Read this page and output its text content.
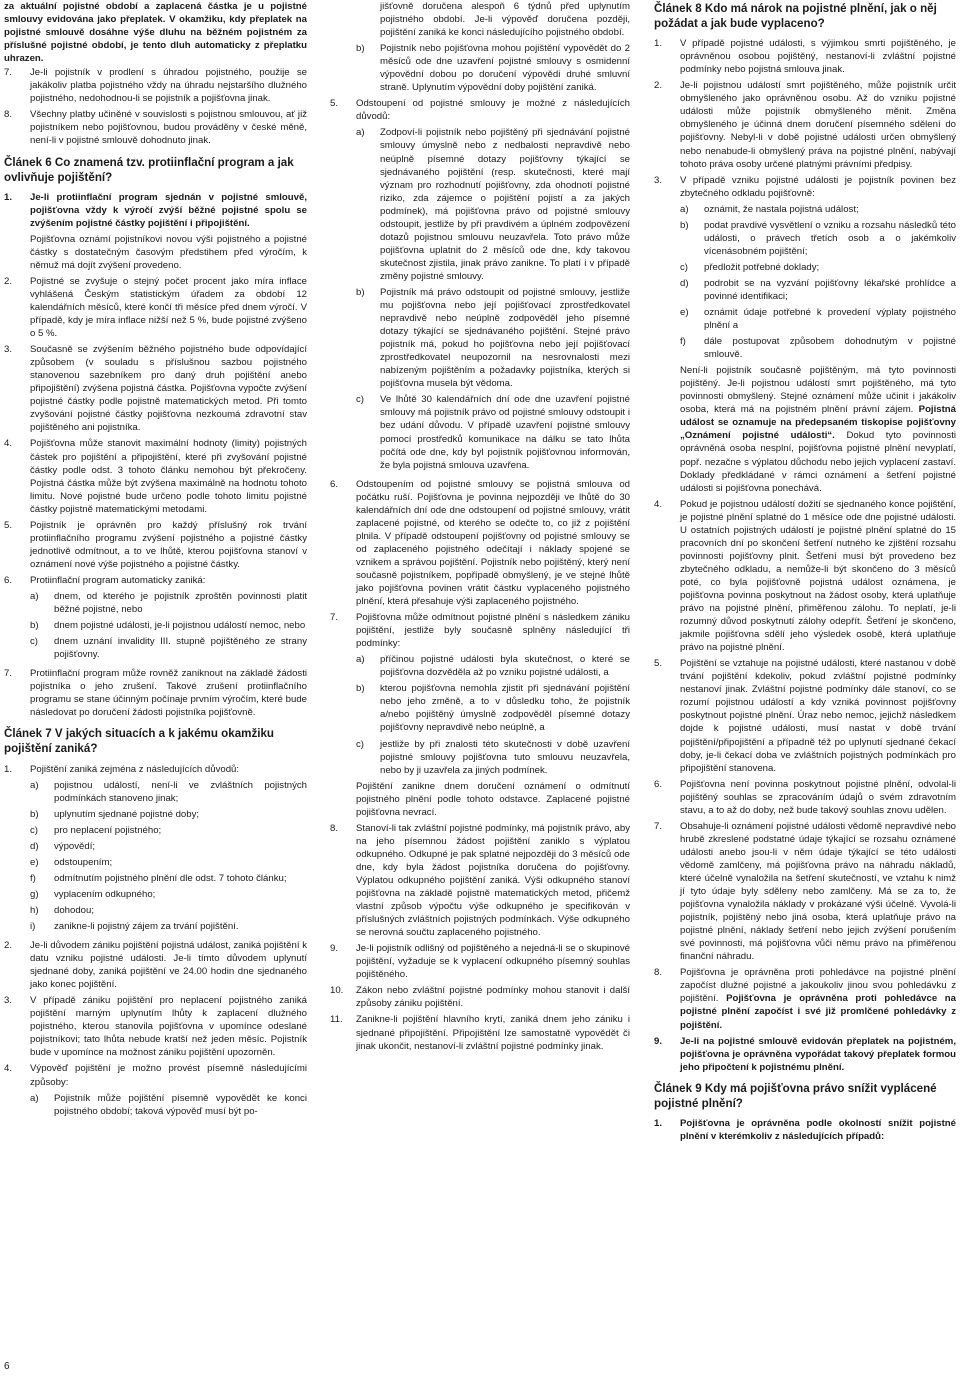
za aktuální pojistné období a zaplacená částka je u pojistné smlouvy evidována jako přeplatek. V okamžiku, kdy přeplatek na pojistné smlouvě dosáhne výše dluhu na běžném pojistném za příslušné pojistné období, je tento dluh automaticky z přeplatku uhrazen.

7.	Je-li pojistník v prodlení s úhradou pojistného, použije se jakákoliv platba pojistného vždy na úhradu nejstaršího dlužného pojistného, nedohodnou-li se pojistník a pojišťovna jinak.
8.	Všechny platby učiněné v souvislosti s pojistnou smlouvou, ať již pojistníkem nebo pojišťovnou, budou prováděny v české měně, není-li v pojistné smlouvě dohodnuto jinak.
Článek 6 Co znamená tzv. protiinflační program a jak ovlivňuje pojištění?
1.	Je-li protiinflační program sjednán v pojistné smlouvě, pojišťovna vždy k výročí zvýší běžné pojistné spolu se zvýšením pojistné částky pojištění i připojištění.

Pojišťovna oznámí pojistníkovi novou výši pojistného a pojistné částky s dostatečným časovým předstihem před výročím, k němuž má dojít zvýšení provedeno.

2.	Pojistné se zvyšuje o stejný počet procent jako míra inflace vyhlášená Českým statistickým úřadem za období 12 kalendářních měsíců, které končí tři měsíce před dnem výročí. V případě, kdy je míra inflace nižší než 5 %, bude pojistné zvýšeno o 5 %.
3.	Současně se zvýšením běžného pojistného bude odpovídající způsobem (v souladu s příslušnou sazbou pojistného stanovenou sazebníkem pro daný druh pojištění anebo připojištění) zvýšena pojistná částka. Pojišťovna vypočte zvýšení pojistné částky podle pojistně matematických metod. Při tomto zvyšování pojistné částky pojišťovna nezkoumá zdravotní stav pojištěného ani pojistníka.
4.	Pojišťovna může stanovit maximální hodnoty (limity) pojistných částek pro pojištění a připojištění, které při zvyšování pojistné částky podle odst. 3 tohoto článku nemohou být překročeny. Pojistná částka může být zvýšena maximálně na hodnotu tohoto limitu. Nové pojistné bude určeno podle tohoto limitu pojistné částky pojistně matematickými metodami.
5.	Pojistník je oprávněn pro každý příslušný rok trvání protiinflačního programu zvýšení pojistného a pojistné částky jednotlivě odmítnout, a to ve lhůtě, kterou pojišťovna stanoví v oznámení nové výše pojistného a pojistné částky.
6.	Protiinflační program automaticky zaniká:
a)	dnem, od kterého je pojistník zproštěn povinnosti platit běžné pojistné, nebo
b)	dnem pojistné události, je-li pojistnou událostí nemoc, nebo
c)	dnem uznání invalidity III. stupně pojištěného ze strany pojišťovny.
7.	Protiinflační program může rovněž zaniknout na základě žádosti pojistníka o jeho zrušení. Takové zrušení protiinflačního programu se stane účinným počínaje prvním výročím, které bude následovat po doručení žádosti pojistníka pojišťovně.
Článek 7 V jakých situacích a k jakému okamžiku pojištění zaniká?
1.	Pojištění zaniká zejména z následujících důvodů:
a)	pojistnou událostí, není-li ve zvláštních pojistných podmínkách stanoveno jinak;
b)	uplynutím sjednané pojistné doby;
c)	pro neplacení pojistného;
d)	výpovědí;
e)	odstoupením;
f)	odmítnutím pojistného plnění dle odst. 7 tohoto článku;
g)	vyplacením odkupného;
h)	dohodou;
i)	zanikne-li pojistný zájem za trvání pojištění.
2.	Je-li důvodem zániku pojištění pojistná událost, zaniká pojištění k datu vzniku pojistné události. Je-li tímto důvodem uplynutí sjednané doby, zaniká pojištění ve 24.00 hodin dne sjednaného jako konec pojištění.
3.	V případě zániku pojištění pro neplacení pojistného zaniká pojištění marným uplynutím lhůty k zaplacení dlužného pojistného, kterou stanovila pojišťovna v upomínce odeslané pojistníkovi; tato lhůta nebude kratší než jeden měsíc. Pojistník bude v upomínce na možnost zániku pojištění upozorněn.
4.	Výpověď pojištění je možno provést písemně následujícími způsoby:
a)	Pojistník může pojištění písemně vypovědět ke konci pojistného období; taková výpověď musí být po-
jišťovně doručena alespoň 6 týdnů před uplynutím pojistného období. Je-li výpověď doručena později, pojištění zaniká ke konci následujícího pojistného období.
b)	Pojistník nebo pojišťovna mohou pojištění vypovědět do 2 měsíců ode dne uzavření pojistné smlouvy s osmidenní výpovědní dobou po doručení výpovědi druhé smluvní straně. Uplynutím výpovědní doby pojištění zaniká.
5.	Odstoupení od pojistné smlouvy je možné z následujících důvodů:
a)	Zodpoví-li pojistník nebo pojištěný při sjednávání pojistné smlouvy úmyslně nebo z nedbalosti nepravdivě nebo neúplně písemné dotazy pojišťovny týkající se sjednávaného pojištění (resp. skutečnosti, které mají význam pro rozhodnutí pojišťovny, zda ohodnotí pojistné riziko, zda zájemce o pojištění pojistí a za jakých podmínek), má pojišťovna právo od pojistné smlouvy odstoupit, jestliže by při pravdivém a úplném zodpovězení dotazů pojistnou smlouvu neuzavřela. Toto právo může pojišťovna uplatnit do 2 měsíců ode dne, kdy takovou skutečnost zjistila, jinak právo zanikne. To platí i v případě změny pojistné smlouvy.
b)	Pojistník má právo odstoupit od pojistné smlouvy, jestliže mu pojišťovna nebo její pojišťovací zprostředkovatel nepravdivě nebo neúplně zodpověděl jeho písemné dotazy týkající se sjednávaného pojištění. Stejné právo pojistník má, pokud ho pojišťovna nebo její pojišťovací zprostředkovatel neupozornil na nesrovnalosti mezi nabízeným pojištěním a požadavky pojistníka, kterých si pojišťovna musela být vědoma.
c)	Ve lhůtě 30 kalendářních dní ode dne uzavření pojistné smlouvy má pojistník právo od pojistné smlouvy odstoupit i bez udání důvodu. V případě uzavření pojistné smlouvy pomocí prostředků komunikace na dálku se tato lhůta počítá ode dne, kdy byl pojistník pojišťovnou informován, že byla pojistná smlouva uzavřena.
6.	Odstoupením od pojistné smlouvy se pojistná smlouva od počátku ruší. Pojišťovna je povinna nejpozději ve lhůtě do 30 kalendářních dní ode dne odstoupení od pojistné smlouvy, vrátit zaplacené pojistné, od kterého se odečte to, co již z pojištění plnila. V případě odstoupení pojišťovny od pojistné smlouvy se od zaplaceného pojistného odečítají i náklady spojené se vznikem a správou pojištění. Pojistník nebo pojištěný, který není současně pojistníkem, popřípadě obmyšlený, je ve stejné lhůtě jako pojišťovna povinen vrátit částku vyplaceného pojistného plnění, která přesahuje výši zaplaceného pojistného.
7.	Pojišťovna může odmítnout pojistné plnění s následkem zániku pojištění, jestliže byly současně splněny následující tři podmínky:
a)	příčinou pojistné události byla skutečnost, o které se pojišťovna dozvěděla až po vzniku pojistné události, a
b)	kterou pojišťovna nemohla zjistit při sjednávání pojištění nebo jeho změně, a to v důsledku toho, že pojistník a/nebo pojištěný úmyslně zodpověděl písemné dotazy pojišťovny nepravdivě nebo neúplně, a
c)	jestliže by při znalosti této skutečnosti v době uzavření pojistné smlouvy pojišťovna tuto smlouvu neuzavřela, nebo by ji uzavřela za jiných podmínek.
Pojištění zanikne dnem doručení oznámení o odmítnutí pojistného plnění podle tohoto odstavce. Zaplacené pojistné pojišťovna nevrací.
8.	Stanoví-li tak zvláštní pojistné podmínky, má pojistník právo, aby na jeho písemnou žádost pojištění zaniklo s výplatou odkupného. Odkupné je pak splatné nejpozději do 3 měsíců ode dne, kdy byla žádost pojistníka doručena do pojišťovny. Výplatou odkupného pojištění zaniká. Výši odkupného stanoví pojišťovna na základě pojistně matematických metod, přičemž vlastní způsob výpočtu výše odkupného je specifikován v příslušných zvláštních pojistných podmínkách. Výše odkupného se nerovná součtu zaplaceného pojistného.
9.	Je-li pojistník odlišný od pojištěného a nejedná-li se o skupinové pojištění, vyžaduje se k vyplacení odkupného písemný souhlas pojištěného.
10.	Zákon nebo zvláštní pojistné podmínky mohou stanovit i další způsoby zániku pojištění.
11.	Zanikne-li pojištění hlavního krytí, zaniká dnem jeho zániku i sjednané připojištění. Připojištění lze samostatně vypovědět či jinak ukončit, nestanoví-li zvláštní pojistné podmínky jinak.
Článek 8 Kdo má nárok na pojistné plnění, jak o něj požádat a jak bude vyplaceno?
1.	V případě pojistné události, s výjimkou smrti pojištěného, je oprávněnou osobou pojištěný, nestanoví-li zvláštní pojistné podmínky nebo pojistná smlouva jinak.
2.	Je-li pojistnou událostí smrt pojištěného, může pojistník určit obmyšleného jako oprávněnou osobu. Až do vzniku pojistné události může pojistník obmyšleného měnit. Změna obmyšleného je účinná dnem doručení písemného sdělení do pojišťovny. Nebyl-li v době pojistné události určen obmyšlený nebo nenabude-li obmyšlený práva na pojistné plnění, nabývají tohoto práva osoby určené platnými právními předpisy.
3.	V případě vzniku pojistné události je pojistník povinen bez zbytečného odkladu pojišťovně:
a)	oznámit, že nastala pojistná událost;
b)	podat pravdivé vysvětlení o vzniku a rozsahu následků této události, o právech třetích osob a o jakémkoliv vícenásobném pojištění;
c)	předložit potřebné doklady;
d)	podrobit se na vyzvání pojišťovny lékařské prohlídce a povinné identifikaci;
e)	oznámit údaje potřebné k provedení výplaty pojistného plnění a
f)	dále postupovat způsobem dohodnutým v pojistné smlouvě.
Není-li pojistník současně pojištěným, má tyto povinnosti pojištěný. Je-li pojistnou událostí smrt pojištěného, má tyto povinnosti obmyšlený. Stejné oznámení může učinit i jakákoliv osoba, která má na pojistném plnění právní zájem. Pojistná událost se oznamuje na předepsaném tiskopise pojišťovny „Oznámení pojistné události“. Dokud tyto povinnosti oprávněná osoba nesplní, pojišťovna pojistné plnění nevyplatí, popř. nezačne s výplatou důchodu nebo jejich vyplacení zastaví. Doklady předkládané v rámci oznámení a šetření pojistné události si pojišťovna ponechává.
4.	Pokud je pojistnou událostí dožití se sjednaného konce pojištění, je pojistné plnění splatné do 1 měsíce ode dne pojistné události. U ostatních pojistných událostí je pojistné plnění splatné do 15 pracovních dní po skončení šetření nutného ke zjištění rozsahu povinnosti pojišťovny plnit. Šetření musí být provedeno bez zbytečného odkladu, a nemůže-li být skončeno do 3 měsíců poté, co byla pojišťovně pojistná událost oznámena, je pojišťovna povinna poskytnout na žádost osoby, která uplatňuje právo na pojistné plnění, přiměřenou zálohu. To neplatí, je-li rozumný důvod poskytnutí zálohy odepřít. Šetření je skončeno, jakmile pojišťovna sdělí jeho výsledek osobě, která uplatňuje právo na pojistné plnění.
5.	Pojištění se vztahuje na pojistné události, které nastanou v době trvání pojištění kdekoliv, pokud zvláštní pojistné podmínky nestanoví jinak. Zvláštní pojistné podmínky dále stanoví, co se rozumí pojistnou událostí a kdy vzniká povinnost pojišťovny poskytnout pojistné plnění. Úraz nebo nemoc, jejichž následkem dojde k pojistné události, musí nastat v době trvání pojištění/připojištění a případně též po uplynutí sjednané čekací doby, je-li čekací doba ve zvláštních pojistných podmínkách pro připojištění stanovena.
6.	Pojišťovna není povinna poskytnout pojistné plnění, odvolal-li pojištěný souhlas se zpracováním údajů o svém zdravotním stavu, a to až do doby, než bude takový souhlas znovu udělen.
7.	Obsahuje-li oznámení pojistné události vědomě nepravdivé nebo hrubě zkreslené podstatné údaje týkající se rozsahu oznámené události anebo jsou-li v něm údaje týkající se této události vědomě zamlčeny, má pojišťovna právo na náhradu nákladů, které účelně vynaložila na šetření skutečností, ve vztahu k nimž jí tyto údaje byly sděleny nebo zamlčeny. Má se za to, že pojišťovna vynaložila náklady v prokázané výši účelně. Vyvolá-li pojistník, pojištěný nebo jiná osoba, která uplatňuje právo na pojistné plnění, náklady šetření nebo jejich zvýšení porušením své povinnosti, má pojišťovna vůči němu právo na přiměřenou finanční náhradu.
8.	Pojišťovna je oprávněna proti pohledávce na pojistné plnění započíst dlužné pojistné a jakoukoliv jinou svou pohledávku z pojištění. Pojišťovna je oprávněna proti pohledávce na pojistné plnění započíst i své již promlčené pohledávky z pojištění.
9.	Je-li na pojistné smlouvě evidován přeplatek na pojistném, pojišťovna je oprávněna vypořádat takový přeplatek formou jeho připočtení k pojistnému plnění.
Článek 9 Kdy má pojišťovna právo snížit vyplácené pojistné plnění?
1.	Pojišťovna je oprávněna podle okolností snížit pojistné plnění v kterémkoliv z následujících případů:
6
